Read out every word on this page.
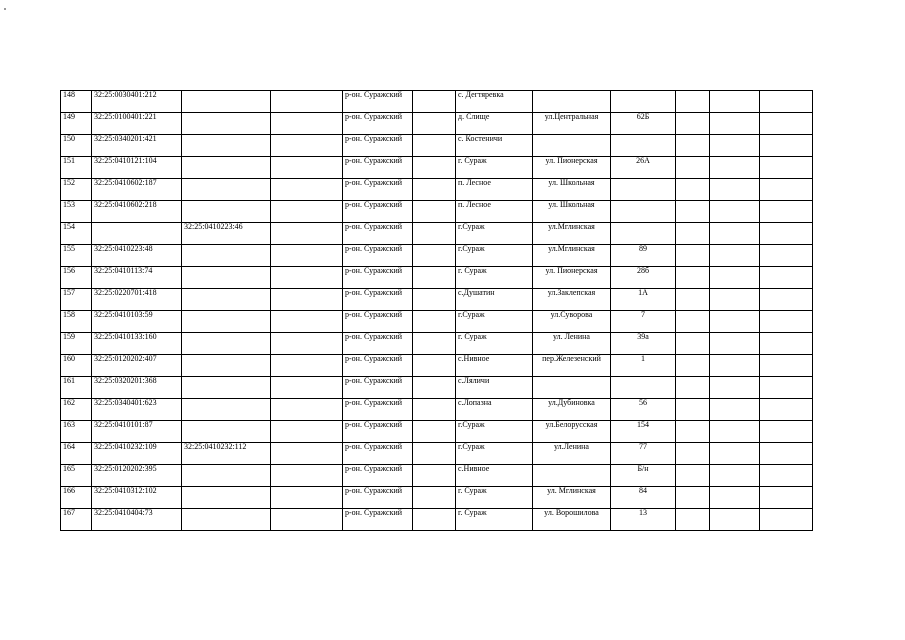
148	32:25:0030401:212			р-он. Суражский		с. Дегтяревка					
149	32:25:0100401:221			р-он. Суражский		д. Слище	ул.Центральная	62Б			
150	32:25:0340201:421			р-он. Суражский		с. Костеничи					
151	32:25:0410121:104			р-он. Суражский		г. Сураж	ул. Пионерская	26А			
152	32:25:0410602:187			р-он. Суражский		п. Лесное	ул. Школьная				
153	32:25:0410602:218			р-он. Суражский		п. Лесное	ул. Школьная				
154		32:25:0410223:46		р-он. Суражский		г.Сураж	ул.Мглинская				
155	32:25:0410223:48			р-он. Суражский		г.Сураж	ул.Мглинская	89			
156	32:25:0410113:74			р-он. Суражский		г. Сураж	ул. Пионерская	28б			
157	32:25:0220701:418			р-он. Суражский		с.Душатин	ул.Заклепская	1А			
158	32:25:0410103:59			р-он. Суражский		г.Сураж	ул.Суворова	7			
159	32:25:0410133:160			р-он. Суражский		г. Сураж	ул. Ленина	39а			
160	32:25:0120202:407			р-он. Суражский		с.Нивное	пер.Железенский	1			
161	32:25:0320201:368			р-он. Суражский		с.Ляличи					
162	32:25:0340401:623			р-он. Суражский		с.Лопазна	ул.Дубиновка	56			
163	32:25:0410101:87			р-он. Суражский		г.Сураж	ул.Белорусская	154			
164	32:25:0410232:109	32:25:0410232:112		р-он. Суражский		г.Сураж	ул.Ленина	77			
165	32:25:0120202:395			р-он. Суражский		с.Нивное		Б/н			
166	32:25:0410312:102			р-он. Суражский		г. Сураж	ул. Мглинская	84			
167	32:25:0410404:73			р-он. Суражский		г. Сураж	ул. Ворошилова	13			
